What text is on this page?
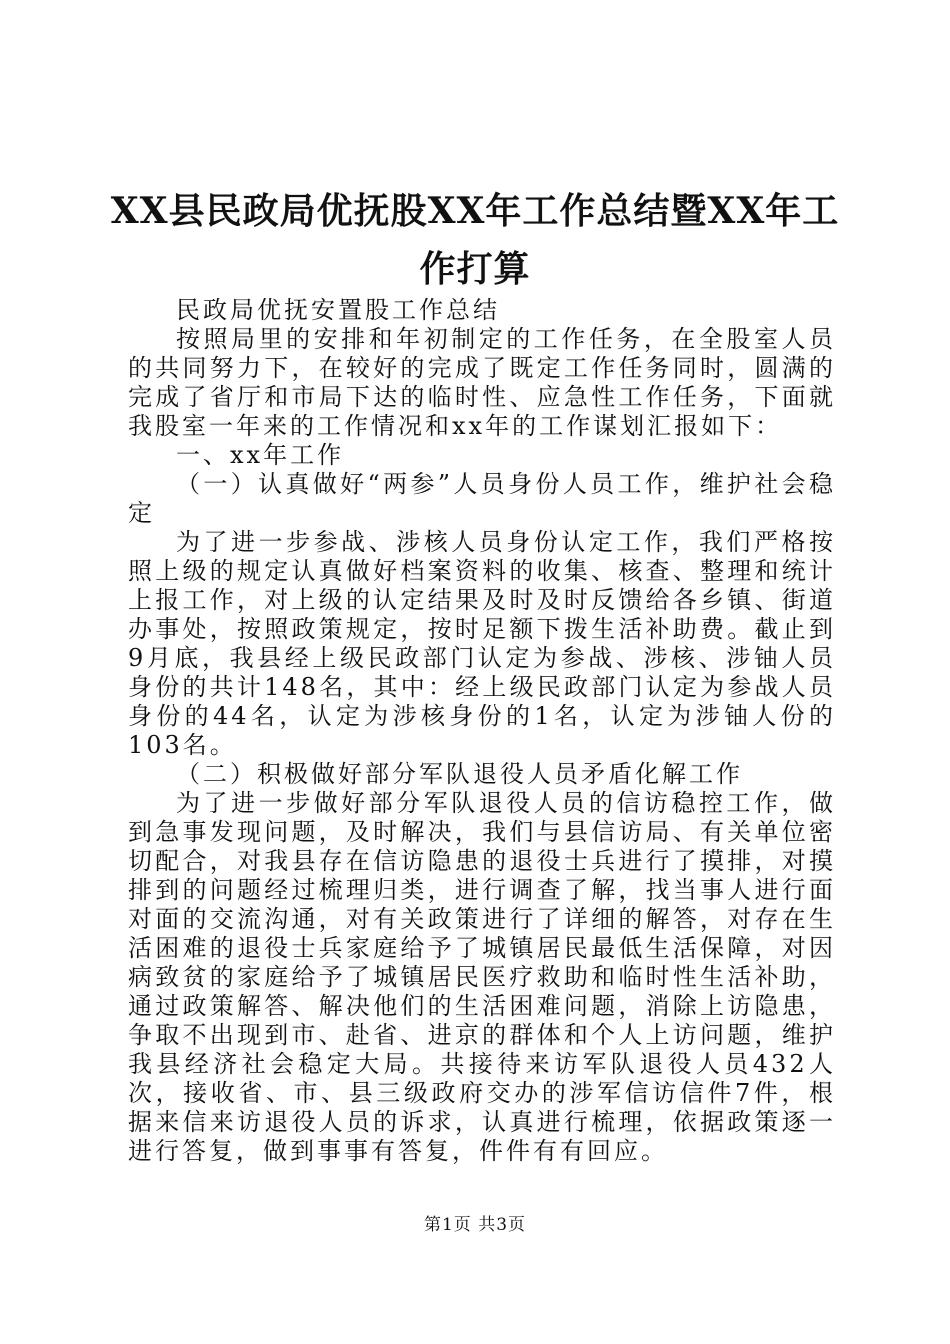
XX县民政局优抚股XX年工作总结暨XX年工作打算

民政局优抚安置股工作总结

按照局里的安排和年初制定的工作任务，在全股室人员的共同努力下，在较好的完成了既定工作任务同时，圆满的完成了省厅和市局下达的临时性、应急性工作任务，下面就我股室一年来的工作情况和xx年的工作谋划汇报如下：

一、xx年工作

（一）认真做好“两参”人员身份人员工作，维护社会稳定

为了进一步参战、涉核人员身份认定工作，我们严格按照上级的规定认真做好档案资料的收集、核查、整理和统计上报工作，对上级的认定结果及时及时反馈给各乡镇、街道办事处，按照政策规定，按时足额下拨生活补助费。截止到9月底，我县经上级民政部门认定为参战、涉核、涉铀人员身份的共计148名，其中：经上级民政部门认定为参战人员身份的44名，认定为涉核身份的1名，认定为涉铀人份的103名。

（二）积极做好部分军队退役人员矛盾化解工作

为了进一步做好部分军队退役人员的信访稳控工作，做到急事发现问题，及时解决，我们与县信访局、有关单位密切配合，对我县存在信访隐患的退役士兵进行了摸排，对摸排到的问题经过梳理归类，进行调查了解，找当事人进行面对面的交流沟通，对有关政策进行了详细的解答，对存在生活困难的退役士兵家庭给予了城镇居民最低生活保障，对因病致贫的家庭给予了城镇居民医疗救助和临时性生活补助，通过政策解答、解决他们的生活困难问题，消除上访隐患，争取不出现到市、赴省、进京的群体和个人上访问题，维护我县经济社会稳定大局。共接待来访军队退役人员432人次，接收省、市、县三级政府交办的涉军信访信件7件，根据来信来访退役人员的诉求，认真进行梳理，依据政策逐一进行答复，做到事事有答复，件件有有回应。

第1页 共3页
